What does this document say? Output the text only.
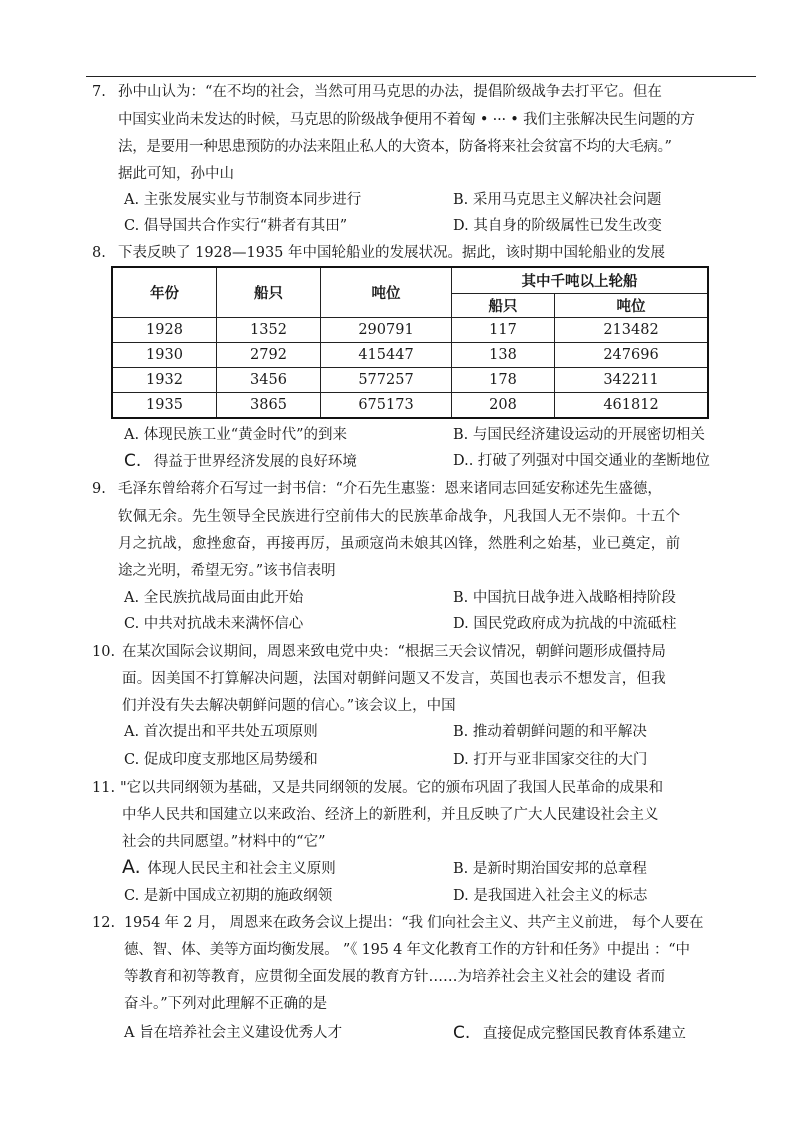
7. 孙中山认为：“在不均的社会，当然可用马克思的办法，提倡阶级战争去打平它。但在
中国实业尚未发达的时候，马克思的阶级战争便用不着匈 • ··· • 我们主张解决民生问题的方
法，是要用一种思患预防的办法来阻止私人的大资本，防备将来社会贫富不均的大毛病。”
据此可知，孙中山
A. 主张发展实业与节制资本同步进行	B. 采用马克思主义解决社会问题
C. 倡导国共合作实行“耕者有其田”	D. 其自身的阶级属性已发生改变
8. 下表反映了 1928—1935 年中国轮船业的发展状况。据此，该时期中国轮船业的发展
年份	船只	吨位	其中千吨以上轮船	
			船只	吨位
1928	1352	290791	117	213482
1930	2792	415447	138	247696
1932	3456	577257	178	342211
1935	3865	675173	208	461812
A. 体现民族工业“黄金时代”的到来	B. 与国民经济建设运动的开展密切相关
C. 得益于世界经济发展的良好环境	D.. 打破了列强对中国交通业的垄断地位
9. 毛泽东曾给蒋介石写过一封书信：“介石先生惠鉴：恩来诸同志回延安称述先生盛德，
钦佩无余。先生领导全民族进行空前伟大的民族革命战争，凡我国人无不崇仰。十五个
月之抗战，愈挫愈奋，再接再厉，虽顽寇尚未娘其凶锋，然胜利之始基，业已奠定，前
途之光明，希望无穷。”该书信表明
A. 全民族抗战局面由此开始	B. 中国抗日战争进入战略相持阶段
C. 中共对抗战未来满怀信心	D. 国民党政府成为抗战的中流砥柱
10. 在某次国际会议期间，周恩来致电党中央：“根据三天会议情况，朝鲜问题形成僵持局
面。因美国不打算解决问题，法国对朝鲜问题又不发言，英国也表示不想发言，但我
们并没有失去解决朝鲜问题的信心。”该会议上，中国
A. 首次提出和平共处五项原则	B. 推动着朝鲜问题的和平解决
C. 促成印度支那地区局势缓和	D. 打开与亚非国家交往的大门
11. "它以共同纲领为基础，又是共同纲领的发展。它的颁布巩固了我国人民革命的成果和
中华人民共和国建立以来政治、经济上的新胜利，并且反映了广大人民建设社会主义
社会的共同愿望。”材料中的“它”
A. 体现人民民主和社会主义原则	B. 是新时期治国安邦的总章程
C. 是新中国成立初期的施政纲领	D. 是我国进入社会主义的标志
1954 年 2 月， 周恩来在政务会议上提出：“我 们向社会主义、共产主义前进， 每个人要在
德、智、体、美等方面均衡发展。 ”《 195 4 年文化教育工作的方针和任务》中提出 ：“中
等教育和初等教育，应贯彻全面发展的教育方针……为培养社会主义社会的建设 者而
奋斗。”下列对此理解不正确的是
A 旨在培养社会主义建设优秀人才	C. 直接促成完整国民教育体系建立
12.
